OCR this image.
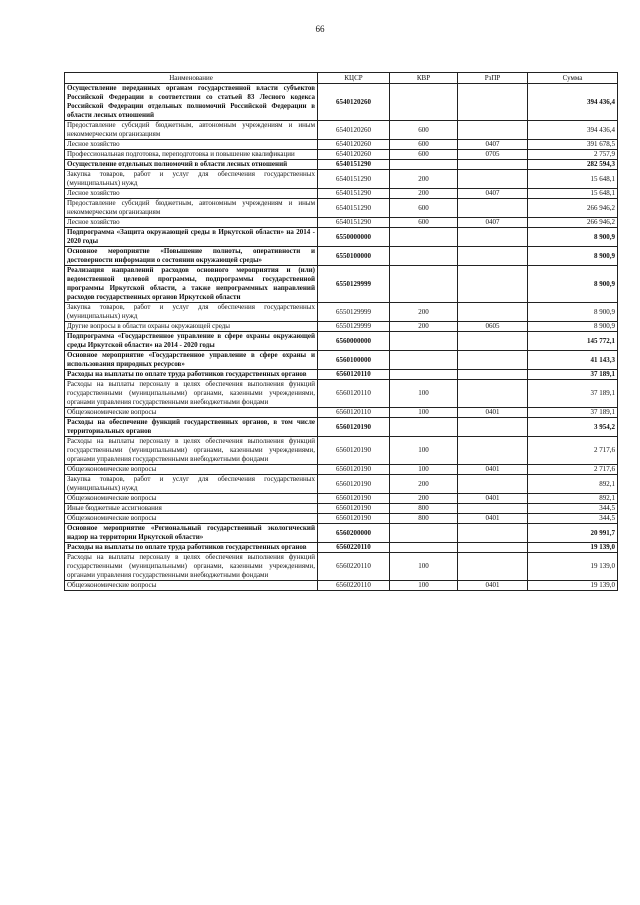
66
Наименование	КЦСР	КВР	РзПР	Сумма
Осуществление переданных органам государственной власти субъектов Российской Федерации в соответствии со статьей 83 Лесного кодекса Российской Федерации отдельных полномочий Российской Федерации в области лесных отношений	6540120260			394 436,4
Предоставление субсидий бюджетным, автономным учреждениям и иным некоммерческим организациям	6540120260	600		394 436,4
Лесное хозяйство	6540120260	600	0407	391 678,5
Профессиональная подготовка, переподготовка и повышение квалификации	6540120260	600	0705	2 757,9
Осуществление отдельных полномочий в области лесных отношений	6540151290			282 594,3
Закупка товаров, работ и услуг для обеспечения государственных (муниципальных) нужд	6540151290	200		15 648,1
Лесное хозяйство	6540151290	200	0407	15 648,1
Предоставление субсидий бюджетным, автономным учреждениям и иным некоммерческим организациям	6540151290	600		266 946,2
Лесное хозяйство	6540151290	600	0407	266 946,2
Подпрограмма «Защита окружающей среды в Иркутской области» на 2014 - 2020 годы	6550000000			8 900,9
Основное мероприятие «Повышение полноты, оперативности и достоверности информации о состоянии окружающей среды»	6550100000			8 900,9
Реализация направлений расходов основного мероприятия и (или) ведомственной целевой программы, подпрограммы государственной программы Иркутской области, а также непрограммных направлений расходов государственных органов Иркутской области	6550129999			8 900,9
Закупка товаров, работ и услуг для обеспечения государственных (муниципальных) нужд	6550129999	200		8 900,9
Другие вопросы в области охраны окружающей среды	6550129999	200	0605	8 900,9
Подпрограмма «Государственное управление в сфере охраны окружающей среды Иркутской области» на 2014 - 2020 годы	6560000000			145 772,1
Основное мероприятие «Государственное управление в сфере охраны и использования природных ресурсов»	6560100000			41 143,3
Расходы на выплаты по оплате труда работников государственных органов	6560120110			37 189,1
Расходы на выплаты персоналу в целях обеспечения выполнения функций государственными (муниципальными) органами, казенными учреждениями, органами управления государственными внебюджетными фондами	6560120110	100		37 189,1
Общеэкономические вопросы	6560120110	100	0401	37 189,1
Расходы на обеспечение функций государственных органов, в том числе территориальных органов	6560120190			3 954,2
Расходы на выплаты персоналу в целях обеспечения выполнения функций государственными (муниципальными) органами, казенными учреждениями, органами управления государственными внебюджетными фондами	6560120190	100		2 717,6
Общеэкономические вопросы	6560120190	100	0401	2 717,6
Закупка товаров, работ и услуг для обеспечения государственных (муниципальных) нужд	6560120190	200		892,1
Общеэкономические вопросы	6560120190	200	0401	892,1
Иные бюджетные ассигнования	6560120190	800		344,5
Общеэкономические вопросы	6560120190	800	0401	344,5
Основное мероприятие «Региональный государственный экологический надзор на территории Иркутской области»	6560200000			20 991,7
Расходы на выплаты по оплате труда работников государственных органов	6560220110			19 139,0
Расходы на выплаты персоналу в целях обеспечения выполнения функций государственными (муниципальными) органами, казенными учреждениями, органами управления государственными внебюджетными фондами	6560220110	100		19 139,0
Общеэкономические вопросы	6560220110	100	0401	19 139,0
